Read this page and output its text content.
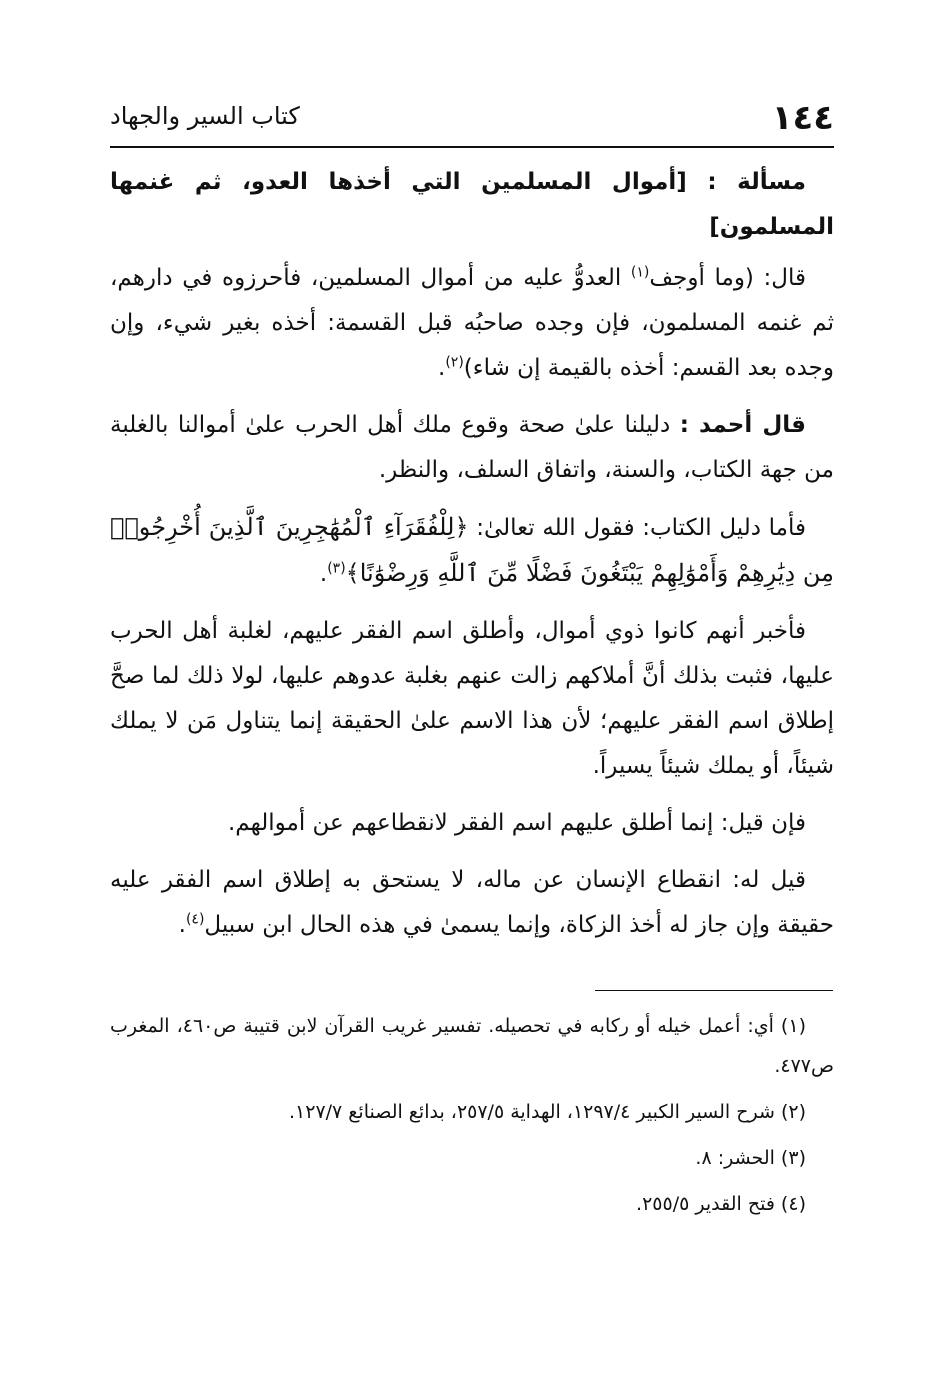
١٤٤
كتاب السير والجهاد

مسألة : [أموال المسلمين التي أخذها العدو، ثم غنمها المسلمون]

قال: (وما أوجف$^{(١)}$ العدوُّ عليه من أموال المسلمين، فأحرزوه في دارهم، ثم غنمه المسلمون، فإن وجده صاحبُه قبل القسمة: أخذه بغير شيء، وإن وجده بعد القسم: أخذه بالقيمة إن شاء)$^{(٢)}$.

قال أحمد : دليلنا علىٰ صحة وقوع ملك أهل الحرب علىٰ أموالنا بالغلبة من جهة الكتاب، والسنة، واتفاق السلف، والنظر.

فأما دليل الكتاب: فقول الله تعالىٰ: ﴿لِلْفُقَرَآءِ ٱلْمُهَٰجِرِينَ ٱلَّذِينَ أُخْرِجُوا۟ مِن دِيَٰرِهِمْ وَأَمْوَٰلِهِمْ يَبْتَغُونَ فَضْلًا مِّنَ ٱللَّهِ وَرِضْوَٰنًا﴾$^{(٣)}$.

فأخبر أنهم كانوا ذوي أموال، وأطلق اسم الفقر عليهم، لغلبة أهل الحرب عليها، فثبت بذلك أنَّ أملاكهم زالت عنهم بغلبة عدوهم عليها، لولا ذلك لما صحَّ إطلاق اسم الفقر عليهم؛ لأن هذا الاسم علىٰ الحقيقة إنما يتناول مَن لا يملك شيئاً، أو يملك شيئاً يسيراً.

فإن قيل: إنما أطلق عليهم اسم الفقر لانقطاعهم عن أموالهم.

قيل له: انقطاع الإنسان عن ماله، لا يستحق به إطلاق اسم الفقر عليه حقيقة وإن جاز له أخذ الزكاة، وإنما يسمىٰ في هذه الحال ابن سبيل$^{(٤)}$.

(١) أي: أعمل خيله أو ركابه في تحصيله. تفسير غريب القرآن لابن قتيبة ص٤٦٠، المغرب ص٤٧٧.

(٢) شرح السير الكبير ١٢٩٧/٤، الهداية ٢٥٧/٥، بدائع الصنائع ١٢٧/٧.

(٣) الحشر: ٨.

(٤) فتح القدير ٢٥٥/٥.
